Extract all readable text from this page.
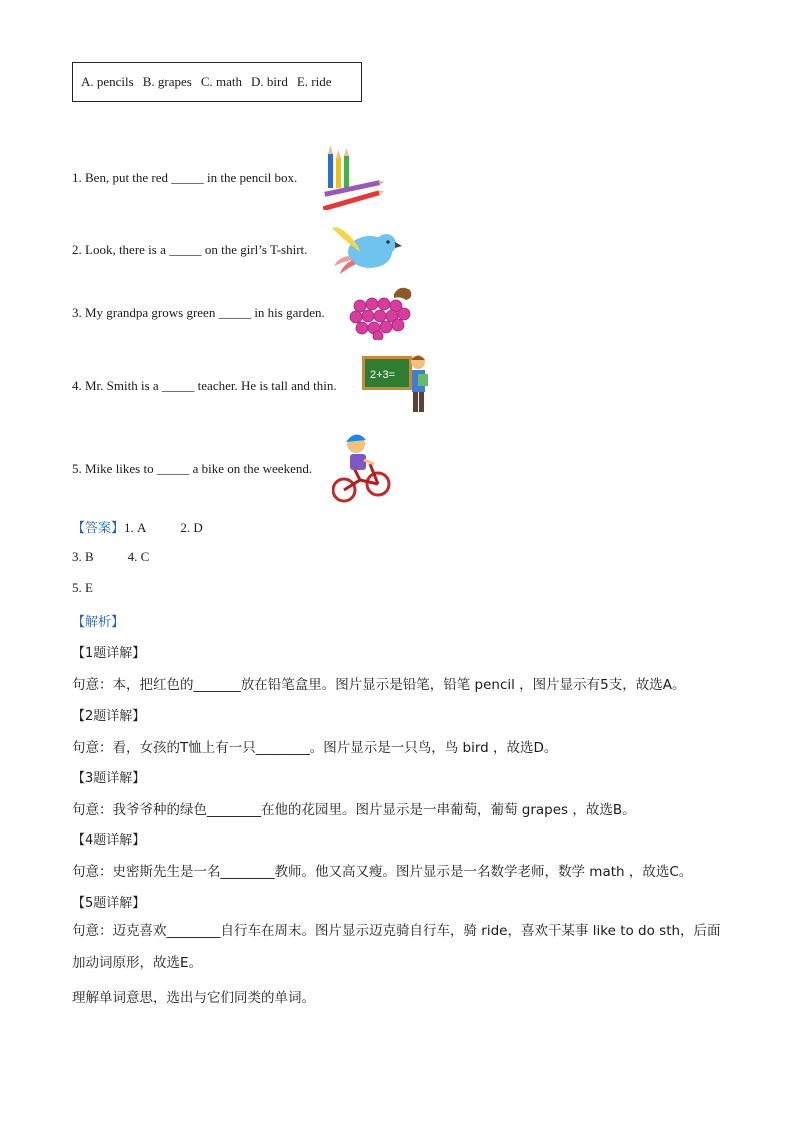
A. pencils B. grapes C. math D. bird E. ride
1. Ben, put the red _____ in the pencil box.
2. Look, there is a _____ on the girl’s T-shirt.
3. My grandpa grows green _____ in his garden.
4. Mr. Smith is a _____ teacher. He is tall and thin.
2+3=
5. Mike likes to _____ a bike on the weekend.
【答案】1. A	2. D
3. B	4. C
5. E
【解析】
【1题详解】
句意：本，把红色的_______放在铅笔盒里。图片显示是铅笔，铅笔 pencil ，图片显示有5支，故选A。
【2题详解】
句意：看，女孩的T恤上有一只________。图片显示是一只鸟，鸟 bird ，故选D。
【3题详解】
句意：我爷爷种的绿色________在他的花园里。图片显示是一串葡萄，葡萄 grapes ，故选B。
【4题详解】
句意：史密斯先生是一名________教师。他又高又瘦。图片显示是一名数学老师，数学 math ，故选C。
【5题详解】
句意：迈克喜欢________自行车在周末。图片显示迈克骑自行车，骑 ride，喜欢干某事 like to do sth，后面加动词原形，故选E。
理解单词意思，选出与它们同类的单词。
